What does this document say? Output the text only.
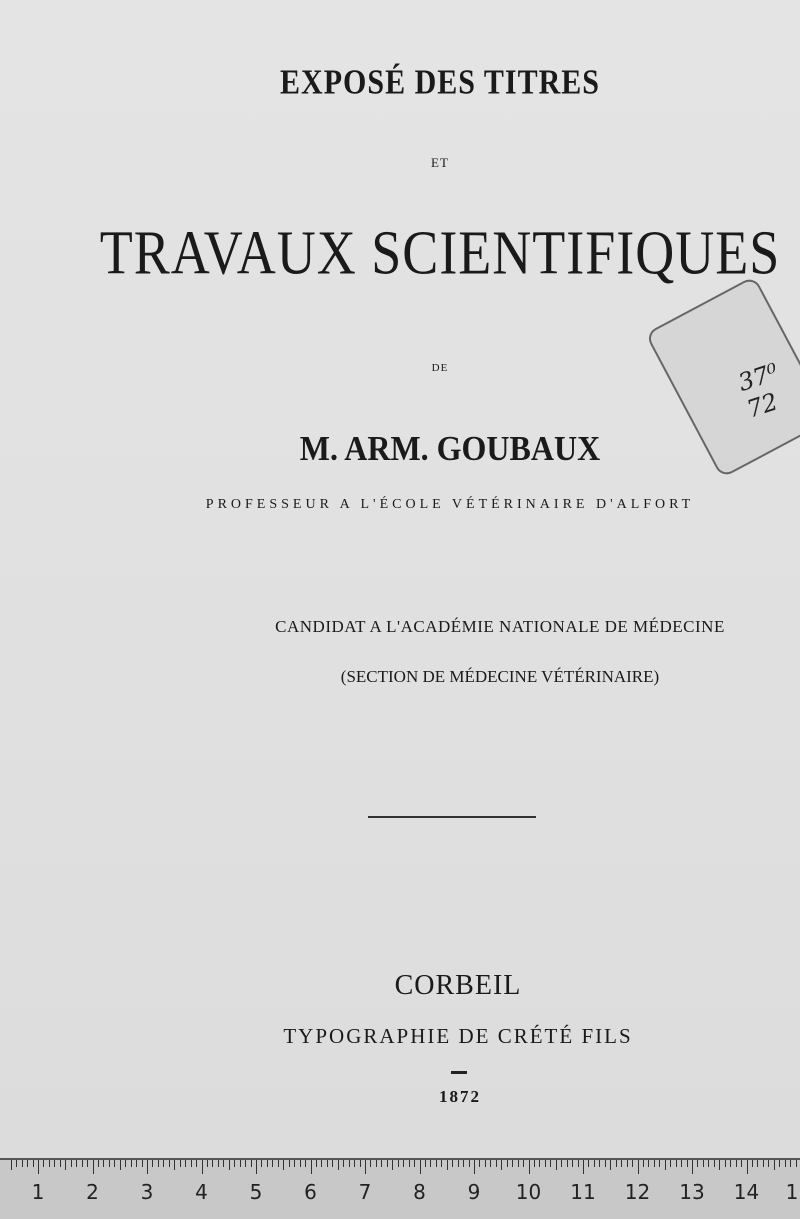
EXPOSÉ DES TITRES
ET
TRAVAUX SCIENTIFIQUES
DE
M. ARM. GOUBAUX
PROFESSEUR A L'ÉCOLE VÉTÉRINAIRE D'ALFORT
CANDIDAT A L'ACADÉMIE NATIONALE DE MÉDECINE
(SECTION DE MÉDECINE VÉTÉRINAIRE)
CORBEIL
TYPOGRAPHIE DE CRÉTÉ FILS
1872
37⁰ 72
1 2 3 4 5 6 7 8 9 10 11 12 13 14 1
